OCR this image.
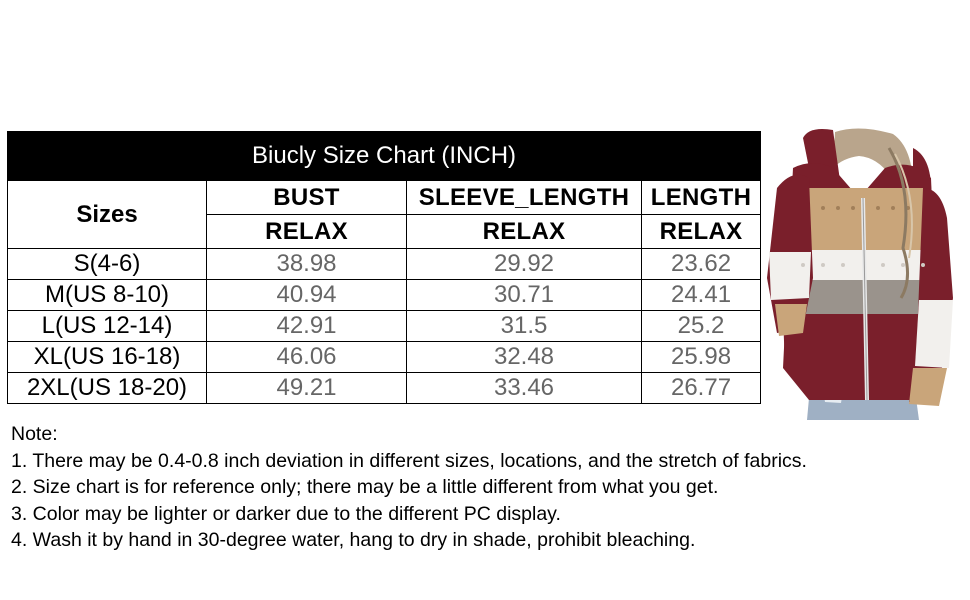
Biucly Size Chart (INCH)			
Sizes	BUST	SLEEVE_LENGTH	LENGTH
	RELAX	RELAX	RELAX
S(4-6)	38.98	29.92	23.62
M(US 8-10)	40.94	30.71	24.41
L(US 12-14)	42.91	31.5	25.2
XL(US 16-18)	46.06	32.48	25.98
2XL(US 18-20)	49.21	33.46	26.77
Note:
1. There may be 0.4-0.8 inch deviation in different sizes, locations, and the stretch of fabrics.
2. Size chart is for reference only; there may be a little different from what you get.
3. Color may be lighter or darker due to the different PC display.
4. Wash it by hand in 30-degree water, hang to dry in shade, prohibit bleaching.
